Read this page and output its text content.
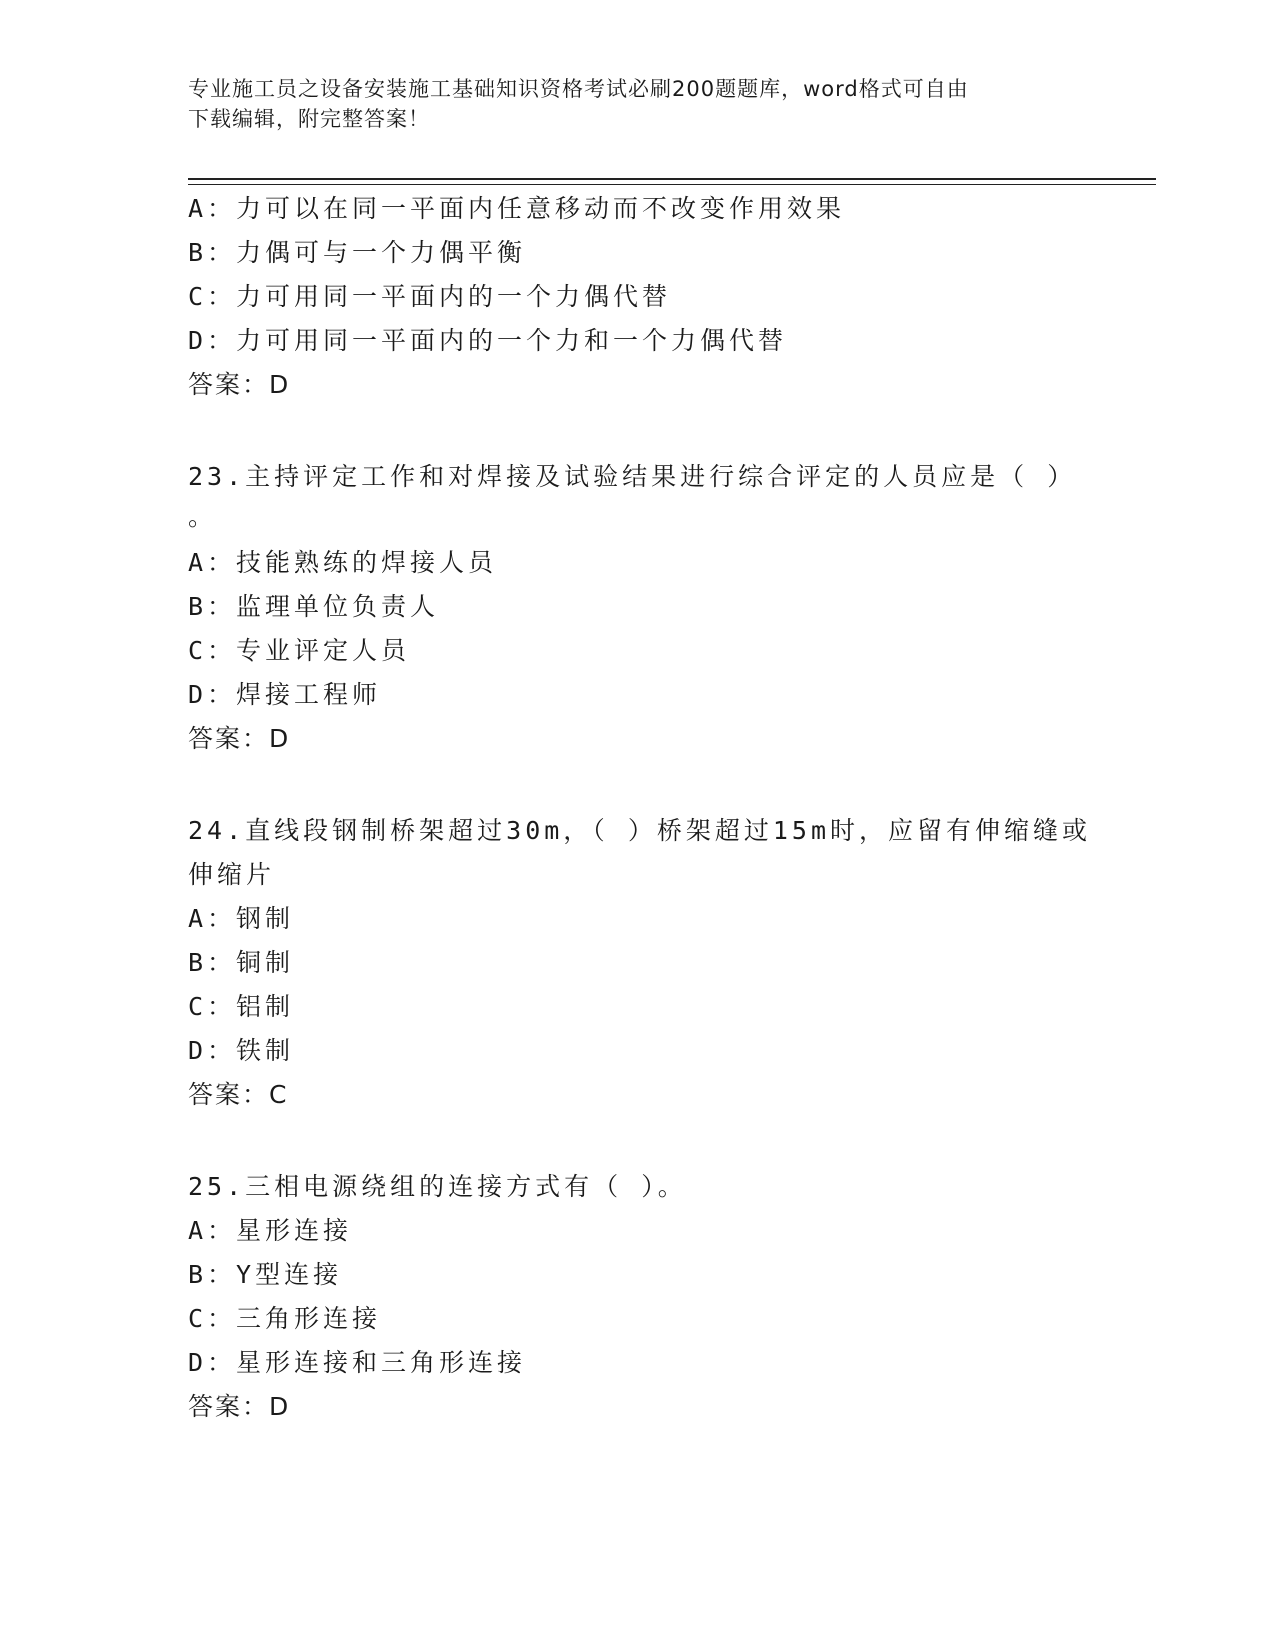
专业施工员之设备安装施工基础知识资格考试必刷200题题库，word格式可自由

下载编辑，附完整答案！

A：力可以在同一平面内任意移动而不改变作用效果
B：力偶可与一个力偶平衡
C：力可用同一平面内的一个力偶代替
D：力可用同一平面内的一个力和一个力偶代替
答案：D
23.主持评定工作和对焊接及试验结果进行综合评定的人员应是（ ）
。
A：技能熟练的焊接人员
B：监理单位负责人
C：专业评定人员
D：焊接工程师
答案：D
24.直线段钢制桥架超过30m，（ ）桥架超过15m时，应留有伸缩缝或
伸缩片
A：钢制
B：铜制
C：铝制
D：铁制
答案：C
25.三相电源绕组的连接方式有（ ）。
A：星形连接
B：Y型连接
C：三角形连接
D：星形连接和三角形连接
答案：D
